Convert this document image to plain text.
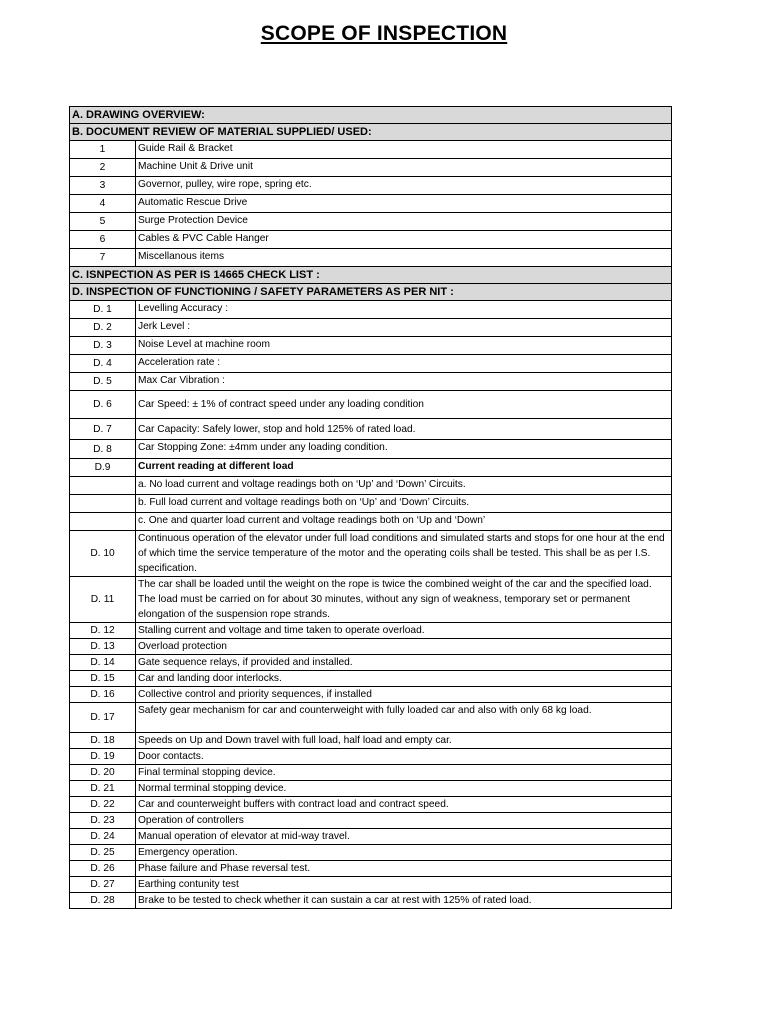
SCOPE OF INSPECTION
A. DRAWING OVERVIEW:	
B. DOCUMENT REVIEW OF MATERIAL SUPPLIED/ USED:	
1	Guide Rail & Bracket
2	Machine Unit & Drive unit
3	Governor, pulley, wire rope, spring etc.
4	Automatic Rescue Drive
5	Surge Protection Device
6	Cables & PVC Cable Hanger
7	Miscellanous items
C. ISNPECTION AS PER IS 14665 CHECK LIST :	
D. INSPECTION OF FUNCTIONING / SAFETY PARAMETERS AS PER NIT :	
D. 1	Levelling Accuracy :
D. 2	Jerk Level :
D. 3	Noise Level at machine room
D. 4	Acceleration rate :
D. 5	Max Car Vibration :
D. 6	Car Speed: ± 1% of contract speed under any loading condition
D. 7	Car Capacity: Safely lower, stop and hold 125% of rated load.
D. 8	Car Stopping Zone: ±4mm under any loading condition.
D.9	Current reading at different load
	a. No load current and voltage readings both on ‘Up’ and ‘Down’ Circuits.
	b. Full load current and voltage readings both on ‘Up’ and ‘Down’ Circuits.
	c. One and quarter load current and voltage readings both on ‘Up and ‘Down’
D. 10	Continuous operation of the elevator under full load conditions and simulated starts and stops for one hour at the end of which time the service temperature of the motor and the operating coils shall be tested. This shall be as per I.S. specification.
D. 11	The car shall be loaded until the weight on the rope is twice the combined weight of the car and the specified load. The load must be carried on for about 30 minutes, without any sign of weakness, temporary set or permanent elongation of the suspension rope strands.
D. 12	Stalling current and voltage and time taken to operate overload.
D. 13	Overload protection
D. 14	Gate sequence relays, if provided and installed.
D. 15	Car and landing door interlocks.
D. 16	Collective control and priority sequences, if installed
D. 17	Safety gear mechanism for car and counterweight with fully loaded car and also with only 68 kg load.
D. 18	Speeds on Up and Down travel with full load, half load and empty car.
D. 19	Door contacts.
D. 20	Final terminal stopping device.
D. 21	Normal terminal stopping device.
D. 22	Car and counterweight buffers with contract load and contract speed.
D. 23	Operation of controllers
D. 24	Manual operation of elevator at mid-way travel.
D. 25	Emergency operation.
D. 26	Phase failure and Phase reversal test.
D. 27	Earthing contunity test
D. 28	Brake to be tested to check whether it can sustain a car at rest with 125% of rated load.
